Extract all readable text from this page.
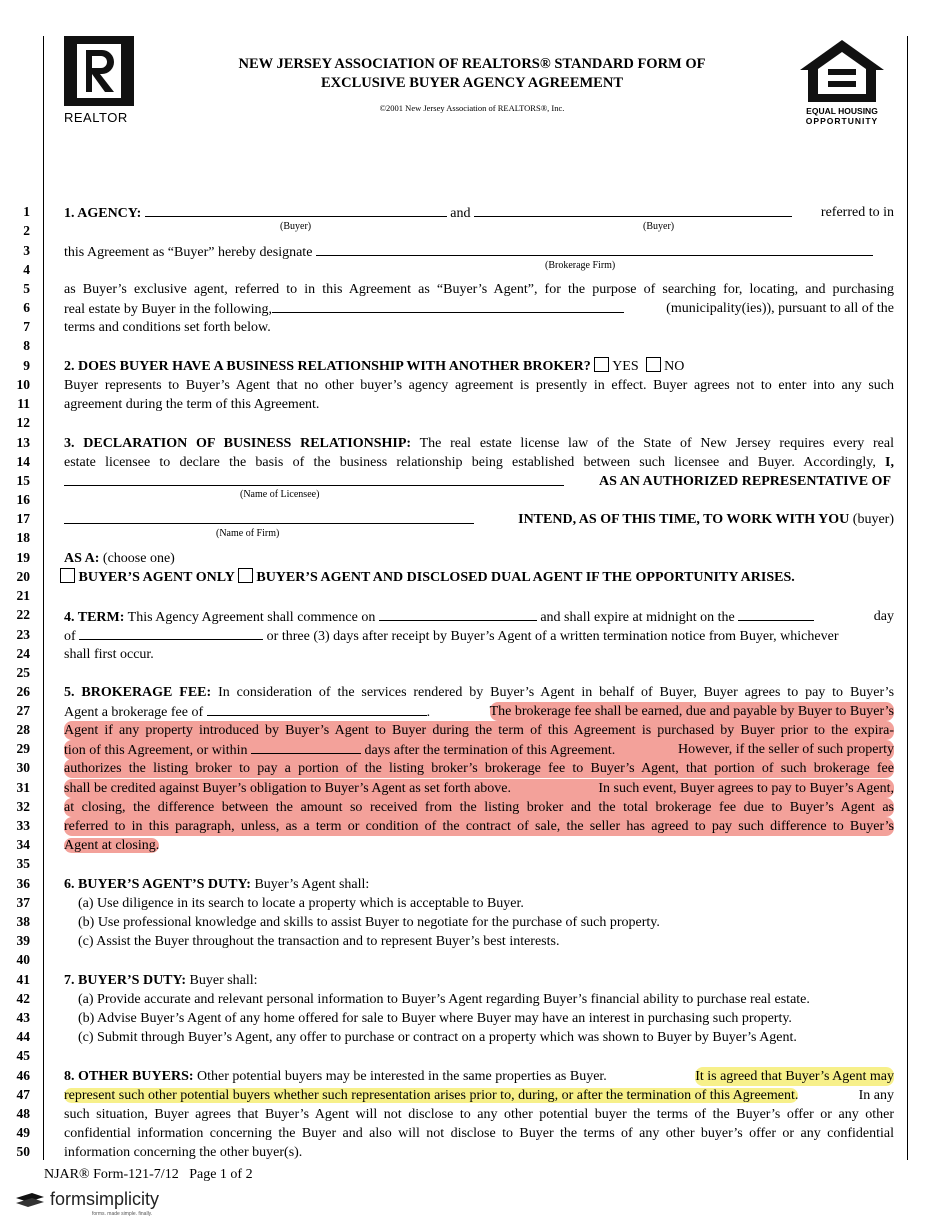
REALTOR
NEW JERSEY ASSOCIATION OF REALTORS® STANDARD FORM OF
EXCLUSIVE BUYER AGENCY AGREEMENT
©2001 New Jersey Association of REALTORS®, Inc.	EQUAL HOUSING
OPPORTUNITY
1
2
3
4
5
6
7
8
9
10
11
12
13
14
15
16
17
18
19
20
21
22
23
24
25
26
27
28
29
30
31
32
33
34
35
36
37
38
39
40
41
42
43
44
45
46
47
48
49
50
1. AGENCY:	and	referred to in
(Buyer)	(Buyer)
this Agreement as “Buyer” hereby designate
(Brokerage Firm)
as Buyer’s exclusive agent, referred to in this Agreement as “Buyer’s Agent”, for the purpose of searching for, locating, and purchasing
real estate by Buyer in the following,	(municipality(ies)), pursuant to all of the
terms and conditions set forth below.
2. DOES BUYER HAVE A BUSINESS RELATIONSHIP WITH ANOTHER BROKER? YES NO
Buyer represents to Buyer’s Agent that no other buyer’s agency agreement is presently in effect. Buyer agrees not to enter into any such
agreement during the term of this Agreement.
3. DECLARATION OF BUSINESS RELATIONSHIP: The real estate license law of the State of New Jersey requires every real
estate licensee to declare the basis of the business relationship being established between such licensee and Buyer. Accordingly, I,
AS AN AUTHORIZED REPRESENTATIVE OF
(Name of Licensee)
INTEND, AS OF THIS TIME, TO WORK WITH YOU (buyer)
(Name of Firm)
AS A: (choose one)
BUYER’S AGENT ONLY BUYER’S AGENT AND DISCLOSED DUAL AGENT IF THE OPPORTUNITY ARISES.
4. TERM: This Agency Agreement shall commence on	and shall expire at midnight on the	day
of	or three (3) days after receipt by Buyer’s Agent of a written termination notice from Buyer, whichever
shall first occur.
5. BROKERAGE FEE: In consideration of the services rendered by Buyer’s Agent in behalf of Buyer, Buyer agrees to pay to Buyer’s
Agent a brokerage fee of	.	The brokerage fee shall be earned, due and payable by Buyer to Buyer’s
Agent if any property introduced by Buyer’s Agent to Buyer during the term of this Agreement is purchased by Buyer prior to the expira-
tion of this Agreement, or within	days after the termination of this Agreement.	However, if the seller of such property
authorizes the listing broker to pay a portion of the listing broker’s brokerage fee to Buyer’s Agent, that portion of such brokerage fee
shall be credited against Buyer’s obligation to Buyer’s Agent as set forth above.	In such event, Buyer agrees to pay to Buyer’s Agent,
at closing, the difference between the amount so received from the listing broker and the total brokerage fee due to Buyer’s Agent as
referred to in this paragraph, unless, as a term or condition of the contract of sale, the seller has agreed to pay such difference to Buyer’s
Agent at closing.
6. BUYER’S AGENT’S DUTY: Buyer’s Agent shall:
(a) Use diligence in its search to locate a property which is acceptable to Buyer.
(b) Use professional knowledge and skills to assist Buyer to negotiate for the purchase of such property.
(c) Assist the Buyer throughout the transaction and to represent Buyer’s best interests.
7. BUYER’S DUTY: Buyer shall:
(a) Provide accurate and relevant personal information to Buyer’s Agent regarding Buyer’s financial ability to purchase real estate.
(b) Advise Buyer’s Agent of any home offered for sale to Buyer where Buyer may have an interest in purchasing such property.
(c) Submit through Buyer’s Agent, any offer to purchase or contract on a property which was shown to Buyer by Buyer’s Agent.
8. OTHER BUYERS: Other potential buyers may be interested in the same properties as Buyer.	It is agreed that Buyer’s Agent may
represent such other potential buyers whether such representation arises prior to, during, or after the termination of this Agreement.	In any
such situation, Buyer agrees that Buyer’s Agent will not disclose to any other potential buyer the terms of the Buyer’s offer or any other
confidential information concerning the Buyer and also will not disclose to Buyer the terms of any other buyer’s offer or any confidential
information concerning the other buyer(s).
NJAR® Form-121-7/12 Page 1 of 2
formsimplicity
forms. made simple. finally.
